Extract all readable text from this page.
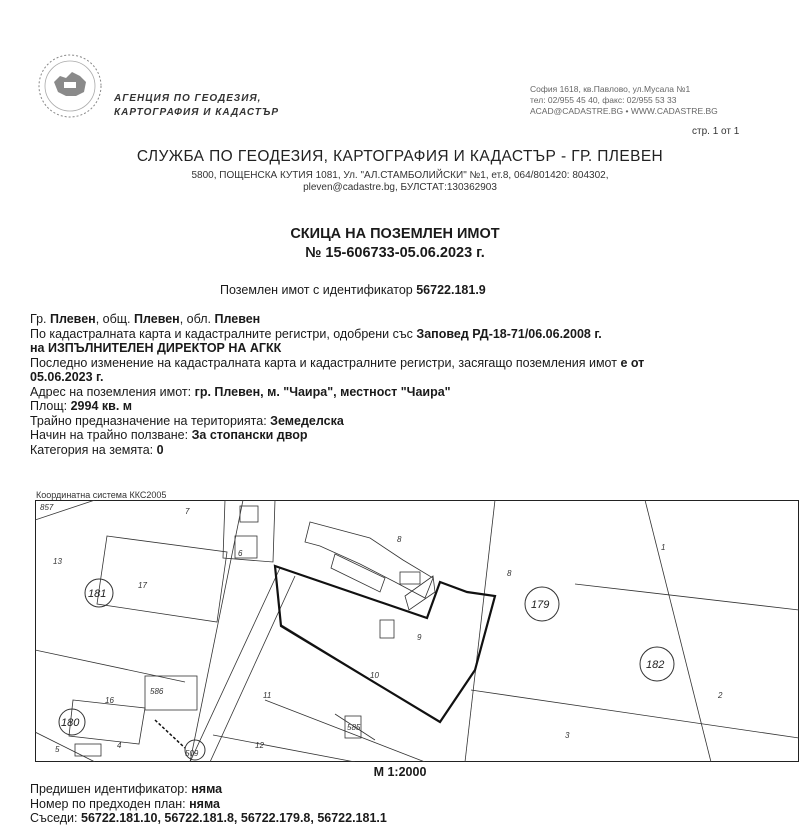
АГЕНЦИЯ ПО ГЕОДЕЗИЯ,
КАРТОГРАФИЯ И КАДАСТЪР
София 1618, кв.Павлово, ул.Мусала №1
тел: 02/955 45 40, факс: 02/955 53 33
ACAD@CADASTRE.BG • WWW.CADASTRE.BG
стр. 1 от 1
СЛУЖБА ПО ГЕОДЕЗИЯ, КАРТОГРАФИЯ И КАДАСТЪР - ГР. ПЛЕВЕН
5800, ПОЩЕНСКА КУТИЯ 1081, Ул. "АЛ.СТАМБОЛИЙСКИ" №1, ет.8, 064/801420: 804302,
pleven@cadastre.bg, БУЛСТАТ:130362903
СКИЦА НА ПОЗЕМЛЕН ИМОТ
№ 15-606733-05.06.2023 г.
Поземлен имот с идентификатор 56722.181.9
Гр. Плевен, общ. Плевен, обл. Плевен
По кадастралната карта и кадастралните регистри, одобрени със Заповед РД-18-71/06.06.2008 г.
на ИЗПЪЛНИТЕЛЕН ДИРЕКТОР НА АГКК
Последно изменение на кадастралната карта и кадастралните регистри, засягащо поземления имот е от
05.06.2023 г.
Адрес на поземления имот: гр. Плевен, м. "Чаира", местност "Чаира"
Площ: 2994 кв. м
Трайно предназначение на територията: Земеделска
Начин на трайно ползване: За стопански двор
Категория на земята: 0
Координатна система ККС2005
857	7
8
1
13
17
6
8
9
10
586	11
16
12
585
5	4
3
2
509
181
179
182
180
М 1:2000
Предишен идентификатор: няма
Номер по предходен план: няма
Съседи: 56722.181.10, 56722.181.8, 56722.179.8, 56722.181.1
